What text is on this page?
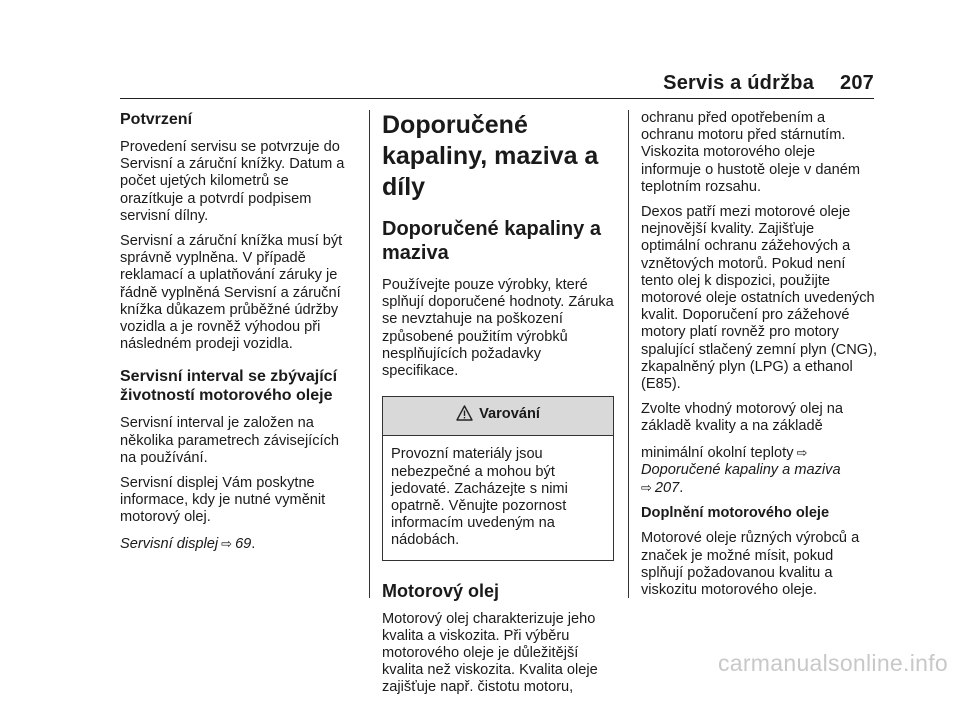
Servis a údržba 207
Potvrzení

Provedení servisu se potvrzuje do Servisní a záruční knížky. Datum a počet ujetých kilometrů se orazítkuje a potvrdí podpisem servisní dílny.

Servisní a záruční knížka musí být správně vyplněna. V případě reklamací a uplatňování záruky je řádně vyplněná Servisní a záruční knížka důkazem průběžné údržby vozidla a je rovněž výhodou při následném prodeji vozidla.

Servisní interval se zbývající životností motorového oleje

Servisní interval je založen na několika parametrech závisejících na používání.

Servisní displej Vám poskytne informace, kdy je nutné vyměnit motorový olej.

Servisní displej ⇨ 69.

Doporučené kapaliny, maziva a díly
Doporučené kapaliny a maziva

Používejte pouze výrobky, které splňují doporučené hodnoty. Záruka se nevztahuje na poškození způsobené použitím výrobků nesplňujících požadavky specifikace.

Varování

Provozní materiály jsou nebezpečné a mohou být jedovaté. Zacházejte s nimi opatrně. Věnujte pozornost informacím uvedeným na nádobách.

Motorový olej

Motorový olej charakterizuje jeho kvalita a viskozita. Při výběru motorového oleje je důležitější kvalita než viskozita. Kvalita oleje zajišťuje např. čistotu motoru,

ochranu před opotřebením a ochranu motoru před stárnutím. Viskozita motorového oleje informuje o hustotě oleje v daném teplotním rozsahu.

Dexos patří mezi motorové oleje nejnovější kvality. Zajišťuje optimální ochranu zážehových a vznětových motorů. Pokud není tento olej k dispozici, použijte motorové oleje ostatních uvedených kvalit. Doporučení pro zážehové motory platí rovněž pro motory spalující stlačený zemní plyn (CNG), zkapalněný plyn (LPG) a ethanol (E85).

Zvolte vhodný motorový olej na základě kvality a na základě

minimální okolní teploty ⇨

Doporučené kapaliny a maziva
⇨ 207.

Doplnění motorového oleje

Motorové oleje různých výrobců a značek je možné mísit, pokud splňují požadovanou kvalitu a viskozitu motorového oleje.

carmanualsonline.info
